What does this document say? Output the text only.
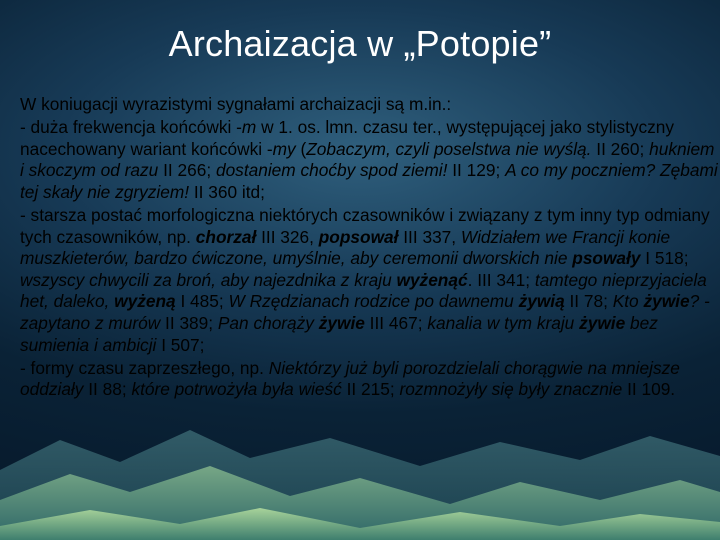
Archaizacja w „Potopie”

W koniugacji wyrazistymi sygnałami archaizacji są m.in.:

- duża frekwencja końcówki -m w 1. os. lmn. czasu ter., występującej jako stylistyczny nacechowany wariant końcówki -my (Zobaczym, czyli poselstwa nie wyślą. II 260; hukniem i skoczym od razu II 266; dostaniem choćby spod ziemi! II 129; A co my poczniem? Zębami tej skały nie zgryziem! II 360 itd;

- starsza postać morfologiczna niektórych czasowników i związany z tym inny typ odmiany tych czasowników, np. chorzał III 326, popsował III 337, Widziałem we Francji konie muszkieterów, bardzo ćwiczone, umyślnie, aby ceremonii dworskich nie psowały I 518; wszyscy chwycili za broń, aby najezdnika z kraju wyżenąć. III 341; tamtego nieprzyjaciela het, daleko, wyżeną I 485; W Rzędzianach rodzice po dawnemu żywią II 78; Kto żywie? - zapytano z murów II 389; Pan chorąży żywie III 467; kanalia w tym kraju żywie bez sumienia i ambicji I 507;

- formy czasu zaprzeszłego, np. Niektórzy już byli porozdzielali chorągwie na mniejsze oddziały II 88; które potrwożyła była wieść II 215; rozmnożyły się były znacznie II 109.
